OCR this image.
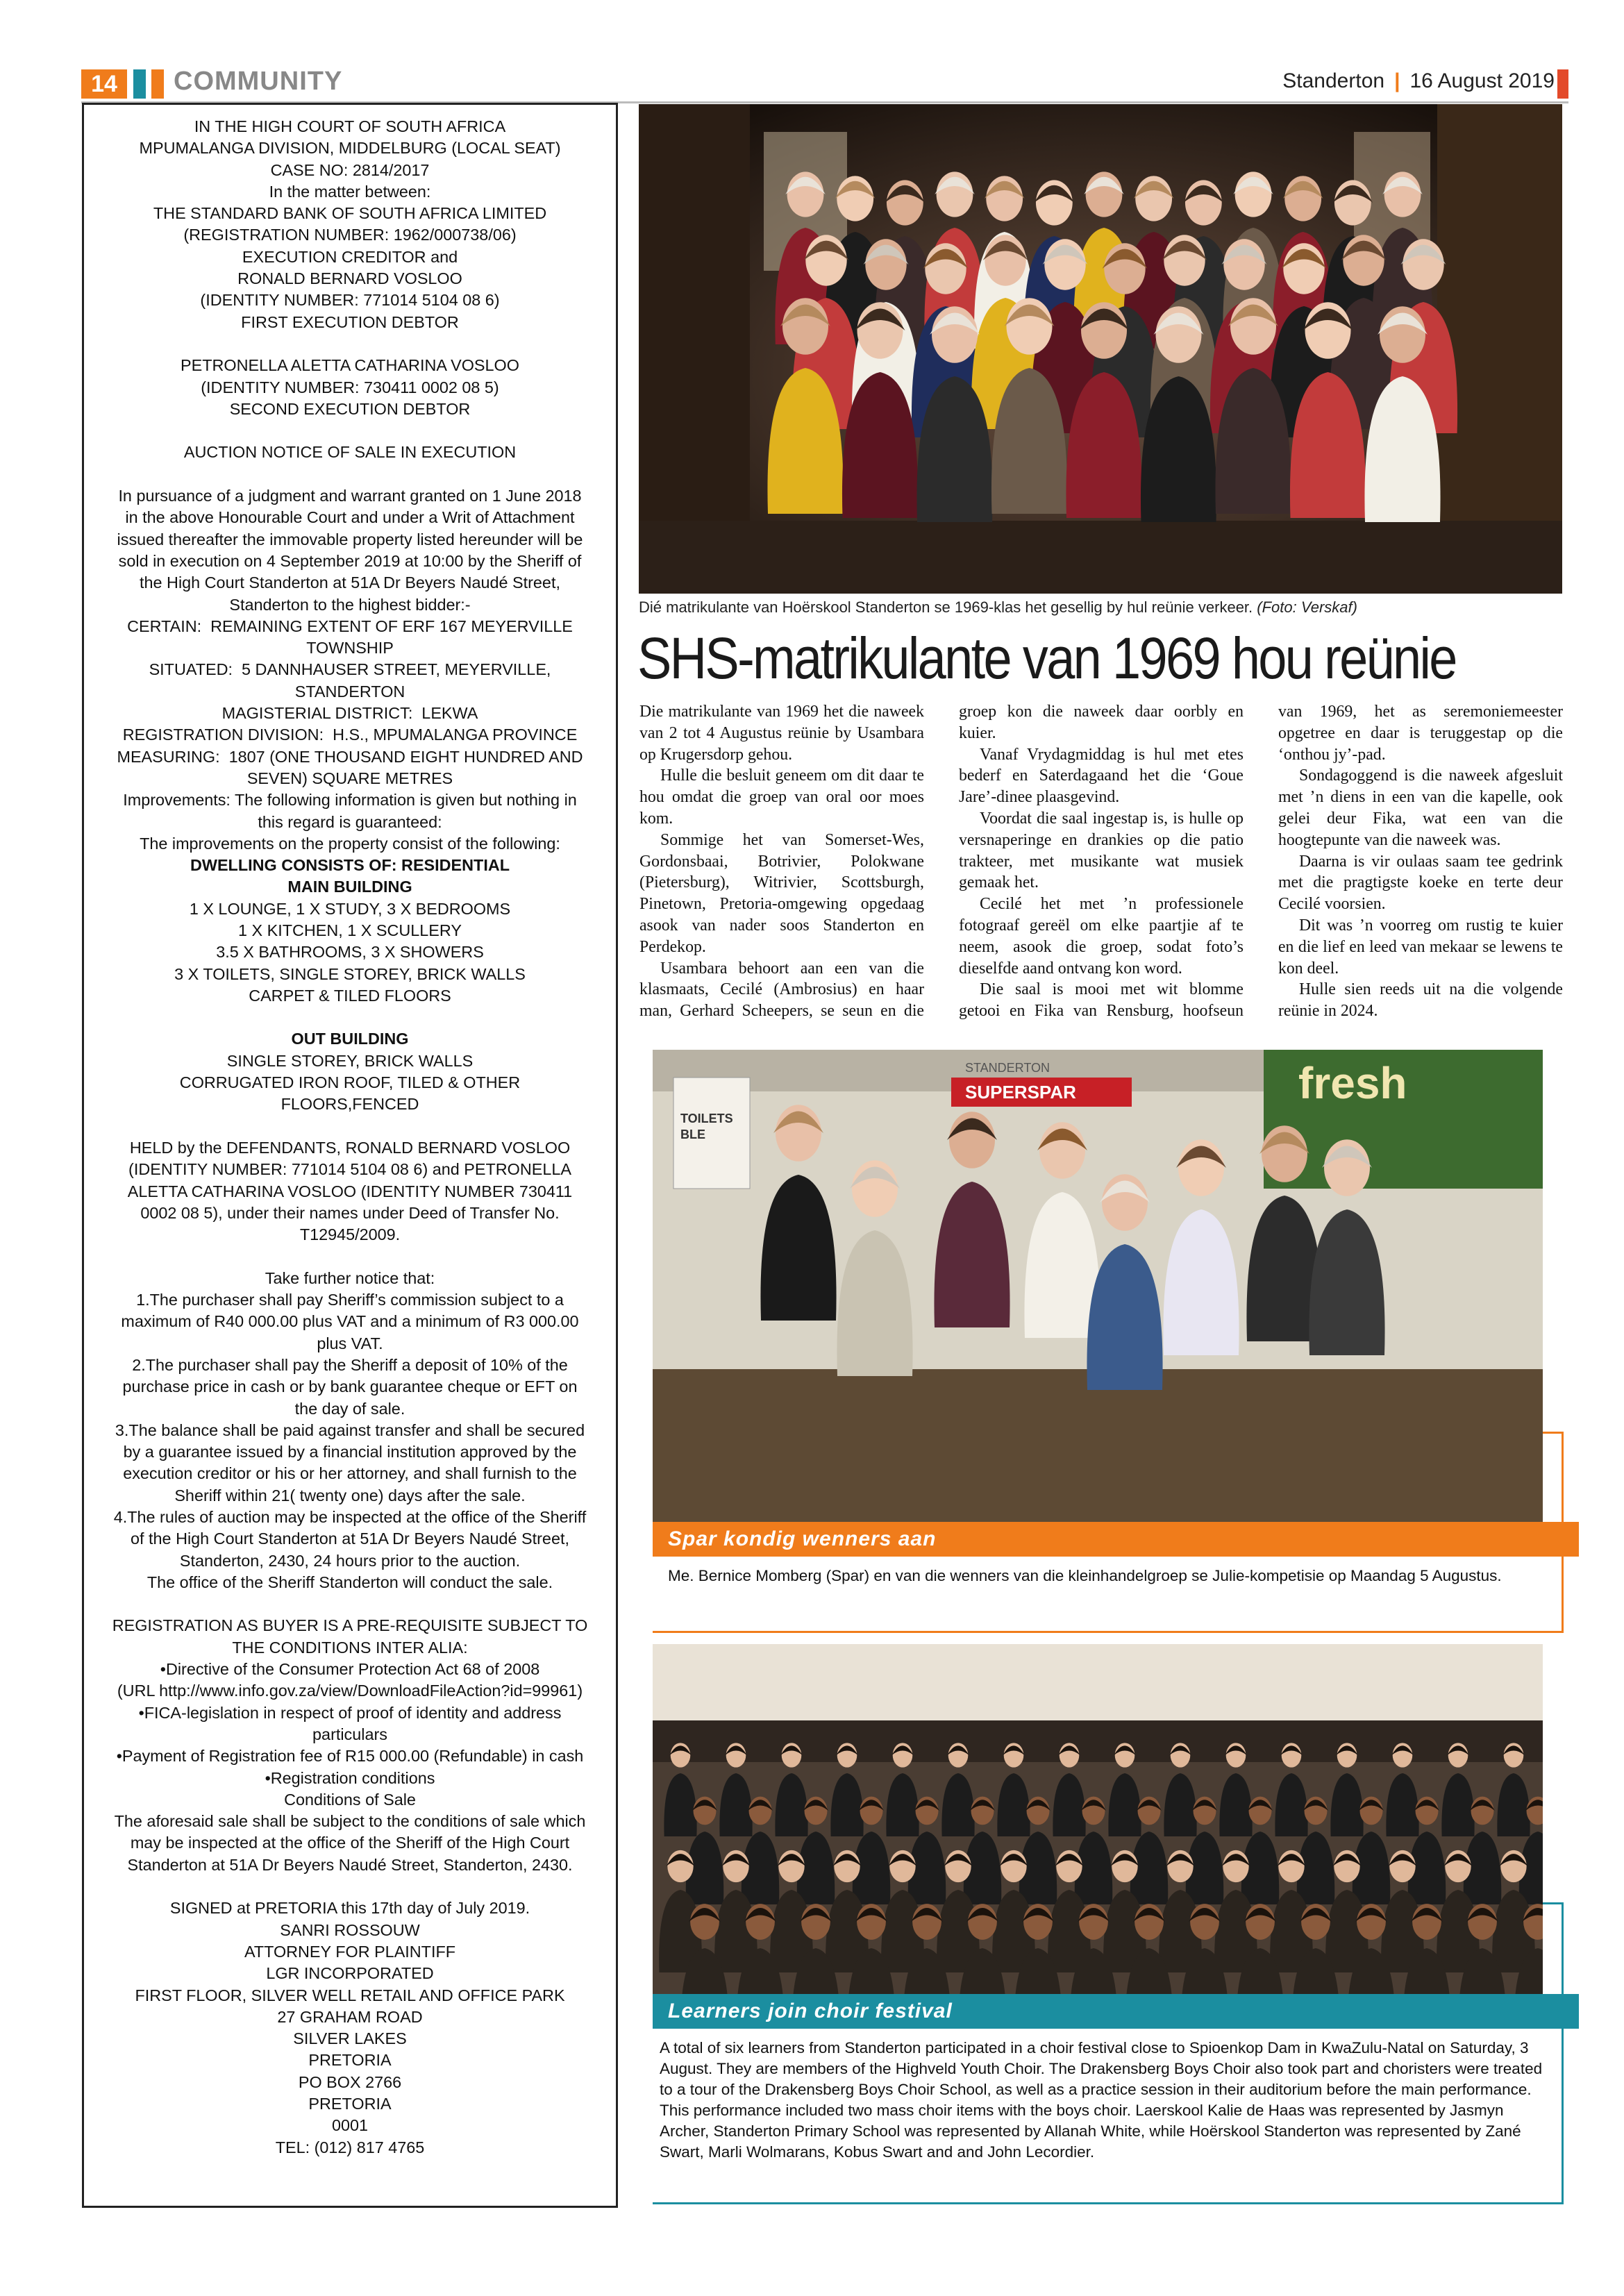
14	COMMUNITY	Standerton | 16 August 2019
IN THE HIGH COURT OF SOUTH AFRICA
MPUMALANGA DIVISION, MIDDELBURG (LOCAL SEAT)
CASE NO: 2814/2017
In the matter between:
THE STANDARD BANK OF SOUTH AFRICA LIMITED
(REGISTRATION NUMBER: 1962/000738/06)
EXECUTION CREDITOR and
RONALD BERNARD VOSLOO
(IDENTITY NUMBER: 771014 5104 08 6)
FIRST EXECUTION DEBTOR
PETRONELLA ALETTA CATHARINA VOSLOO
(IDENTITY NUMBER: 730411 0002 08 5)
SECOND EXECUTION DEBTOR
AUCTION NOTICE OF SALE IN EXECUTION
In pursuance of a judgment and warrant granted on 1 June 2018
in the above Honourable Court and under a Writ of Attachment
issued thereafter the immovable property listed hereunder will be
sold in execution on 4 September 2019 at 10:00 by the Sheriff of
the High Court Standerton at 51A Dr Beyers Naudé Street,
Standerton to the highest bidder:-
CERTAIN:  REMAINING EXTENT OF ERF 167 MEYERVILLE
TOWNSHIP
SITUATED:  5 DANNHAUSER STREET, MEYERVILLE,
STANDERTON
MAGISTERIAL DISTRICT:  LEKWA
REGISTRATION DIVISION:  H.S., MPUMALANGA PROVINCE
MEASURING:  1807 (ONE THOUSAND EIGHT HUNDRED AND
SEVEN) SQUARE METRES
Improvements: The following information is given but nothing in
this regard is guaranteed:
The improvements on the property consist of the following:
DWELLING CONSISTS OF: RESIDENTIAL
MAIN BUILDING
1 X LOUNGE, 1 X STUDY, 3 X BEDROOMS
1 X KITCHEN, 1 X SCULLERY
3.5 X BATHROOMS, 3 X SHOWERS
3 X TOILETS, SINGLE STOREY, BRICK WALLS
CARPET & TILED FLOORS
OUT BUILDING
SINGLE STOREY, BRICK WALLS
CORRUGATED IRON ROOF, TILED & OTHER
FLOORS,FENCED
HELD by the DEFENDANTS, RONALD BERNARD VOSLOO
(IDENTITY NUMBER: 771014 5104 08 6) and PETRONELLA
ALETTA CATHARINA VOSLOO (IDENTITY NUMBER 730411
0002 08 5), under their names under Deed of Transfer No.
T12945/2009.
Take further notice that:
1.The purchaser shall pay Sheriff’s commission subject to a
maximum of R40 000.00 plus VAT and a minimum of R3 000.00
plus VAT.
2.The purchaser shall pay the Sheriff a deposit of 10% of the
purchase price in cash or by bank guarantee cheque or EFT on
the day of sale.
3.The balance shall be paid against transfer and shall be secured
by a guarantee issued by a financial institution approved by the
execution creditor or his or her attorney, and shall furnish to the
Sheriff within 21( twenty one) days after the sale.
4.The rules of auction may be inspected at the office of the Sheriff
of the High Court Standerton at 51A Dr Beyers Naudé Street,
Standerton, 2430, 24 hours prior to the auction.
The office of the Sheriff Standerton will conduct the sale.
REGISTRATION AS BUYER IS A PRE-REQUISITE SUBJECT TO
THE CONDITIONS INTER ALIA:
•Directive of the Consumer Protection Act 68 of 2008
(URL http://www.info.gov.za/view/DownloadFileAction?id=99961)
•FICA-legislation in respect of proof of identity and address
particulars
•Payment of Registration fee of R15 000.00 (Refundable) in cash
•Registration conditions
Conditions of Sale
The aforesaid sale shall be subject to the conditions of sale which
may be inspected at the office of the Sheriff of the High Court
Standerton at 51A Dr Beyers Naudé Street, Standerton, 2430.
SIGNED at PRETORIA this 17th day of July 2019.
SANRI ROSSOUW
ATTORNEY FOR PLAINTIFF
LGR INCORPORATED
FIRST FLOOR, SILVER WELL RETAIL AND OFFICE PARK
27 GRAHAM ROAD
SILVER LAKES
PRETORIA
PO BOX 2766
PRETORIA
0001
TEL: (012) 817 4765
Dié matrikulante van Hoërskool Standerton se 1969-klas het gesellig by hul reünie verkeer. (Foto: Verskaf)
SHS-matrikulante van 1969 hou reünie

Die matrikulante van 1969 het die naweek van 2 tot 4 Augustus reünie by Usambara op Krugersdorp gehou.

Hulle die besluit geneem om dit daar te hou omdat die groep van oral oor moes kom.

Sommige het van Somerset-Wes, Gordonsbaai, Botrivier, Polokwane (Pietersburg), Witrivier, Scottsburgh, Pinetown, Pretoria-omgewing opgedaag asook van nader soos Standerton en Perdekop.

Usambara behoort aan een van die klasmaats, Cecilé (Ambrosius) en haar man, Gerhard Scheepers, se seun en die groep kon die naweek daar oorbly en kuier.

Vanaf Vrydagmiddag is hul met etes bederf en Saterdagaand het die ‘Goue Jare’-dinee plaasgevind.

Voordat die saal ingestap is, is hulle op versnaperinge en drankies op die patio trakteer, met musikante wat musiek gemaak het.

Cecilé het met ’n professionele fotograaf gereël om elke paartjie af te neem, asook die groep, sodat foto’s dieselfde aand ontvang kon word.

Die saal is mooi met wit blomme getooi en Fika van Rensburg, hoofseun van 1969, het as seremoniemeester opgetree en daar is teruggestap op die ‘onthou jy’-pad.

Sondagoggend is die naweek afgesluit met ’n diens in een van die kapelle, ook gelei deur Fika, wat een van die hoogtepunte van die naweek was.

Daarna is vir oulaas saam tee gedrink met die pragtigste koeke en terte deur Cecilé voorsien.

Dit was ’n voorreg om rustig te kuier en die lief en leed van mekaar se lewens te kon deel.

Hulle sien reeds uit na die volgende reünie in 2024.

TOILETS
BLE
STANDERTON
SUPERSPAR	fresh
Spar kondig wenners aan
Me. Bernice Momberg (Spar) en van die wenners van die kleinhandelgroep se Julie-kompetisie op Maandag 5 Augustus.
Learners join choir festival
A total of six learners from Standerton participated in a choir festival close to Spioenkop Dam in KwaZulu-Natal on Saturday, 3 August. They are members of the Highveld Youth Choir. The Drakensberg Boys Choir also took part and choristers were treated to a tour of the Drakensberg Boys Choir School, as well as a practice session in their auditorium before the main performance. This performance included two mass choir items with the boys choir. Laerskool Kalie de Haas was represented by Jasmyn Archer, Standerton Primary School was represented by Allanah White, while Hoërskool Standerton was represented by Zané Swart, Marli Wolmarans, Kobus Swart and and John Lecordier.
